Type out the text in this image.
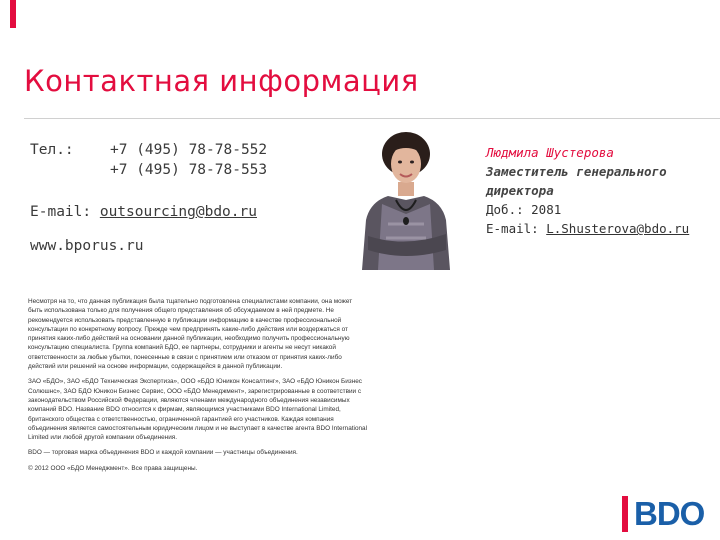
Контактная информация
Тел.:	+7 (495) 78-78-552
+7 (495) 78-78-553
E-mail: outsourcing@bdo.ru
www.bporus.ru

Несмотря на то, что данная публикация была тщательно подготовлена специалистами компании, она может быть использована только для получения общего представления об обсуждаемом в ней предмете. Не рекомендуется использовать представленную в публикации информацию в качестве профессиональной консультации по конкретному вопросу. Прежде чем предпринять какие-либо действия или воздержаться от принятия каких-либо действий на основании данной публикации, необходимо получить профессиональную консультацию специалиста. Группа компаний БДО, ее партнеры, сотрудники и агенты не несут никакой ответственности за любые убытки, понесенные в связи с принятием или отказом от принятия каких-либо действий или решений на основе информации, содержащейся в данной публикации.

ЗАО «БДО», ЗАО «БДО Техническая Экспертиза», ООО «БДО Юникон Консалтинг», ЗАО «БДО Юникон Бизнес Солюшнс», ЗАО БДО Юникон Бизнес Сервис, ООО «БДО Менеджмент», зарегистрированные в соответствии с законодательством Российской Федерации, являются членами международного объединения независимых компаний BDO. Название BDO относится к фирмам, являющимся участниками BDO International Limited, британского общества с ответственностью, ограниченной гарантией его участников. Каждая компания объединения является самостоятельным юридическим лицом и не выступает в качестве агента BDO International Limited или любой другой компании объединения.

BDO — торговая марка объединения BDO и каждой компании — участницы объединения.

© 2012 ООО «БДО Менеджмент». Все права защищены.

Людмила Шустерова
Заместитель генерального
директора
Доб.: 2081
E-mail: L.Shusterova@bdo.ru
BDO
